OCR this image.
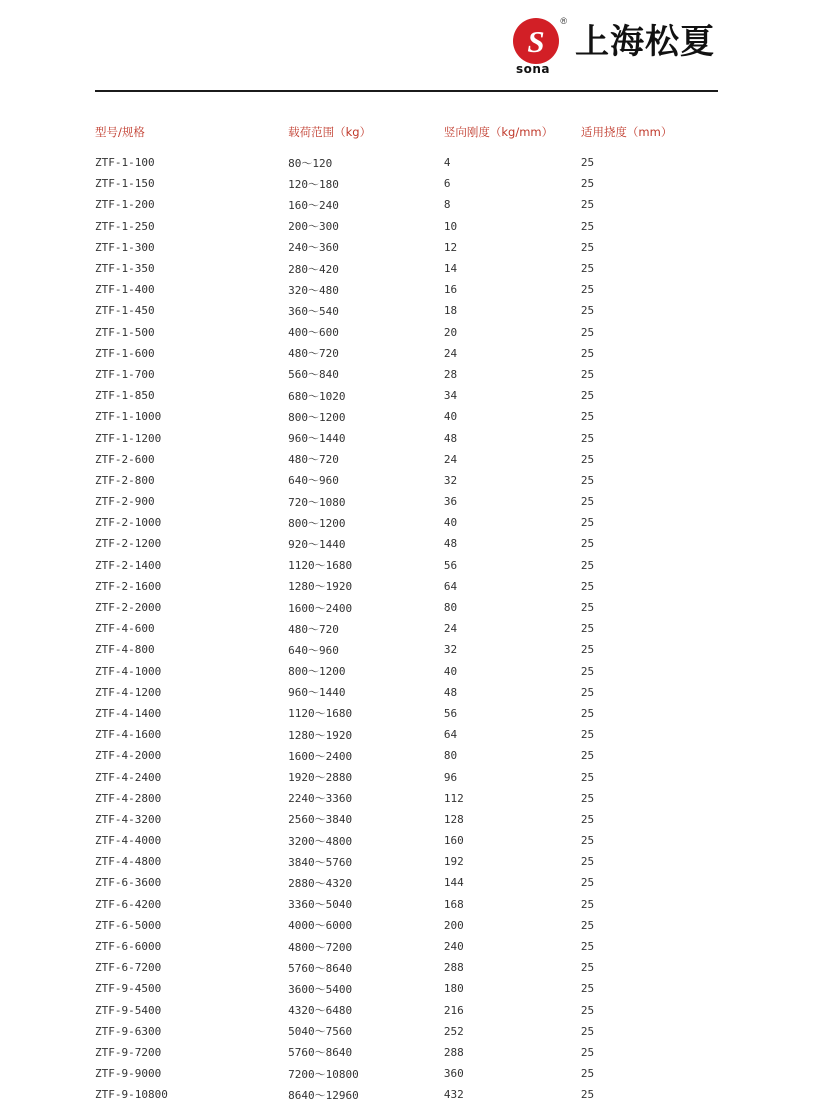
S
®
sona
上海松夏
型号/规格	载荷范围（kg）	竖向刚度（kg/mm）	适用挠度（mm）
ZTF-1-100	80～120	4	25
ZTF-1-150	120～180	6	25
ZTF-1-200	160～240	8	25
ZTF-1-250	200～300	10	25
ZTF-1-300	240～360	12	25
ZTF-1-350	280～420	14	25
ZTF-1-400	320～480	16	25
ZTF-1-450	360～540	18	25
ZTF-1-500	400～600	20	25
ZTF-1-600	480～720	24	25
ZTF-1-700	560～840	28	25
ZTF-1-850	680～1020	34	25
ZTF-1-1000	800～1200	40	25
ZTF-1-1200	960～1440	48	25
ZTF-2-600	480～720	24	25
ZTF-2-800	640～960	32	25
ZTF-2-900	720～1080	36	25
ZTF-2-1000	800～1200	40	25
ZTF-2-1200	920～1440	48	25
ZTF-2-1400	1120～1680	56	25
ZTF-2-1600	1280～1920	64	25
ZTF-2-2000	1600～2400	80	25
ZTF-4-600	480～720	24	25
ZTF-4-800	640～960	32	25
ZTF-4-1000	800～1200	40	25
ZTF-4-1200	960～1440	48	25
ZTF-4-1400	1120～1680	56	25
ZTF-4-1600	1280～1920	64	25
ZTF-4-2000	1600～2400	80	25
ZTF-4-2400	1920～2880	96	25
ZTF-4-2800	2240～3360	112	25
ZTF-4-3200	2560～3840	128	25
ZTF-4-4000	3200～4800	160	25
ZTF-4-4800	3840～5760	192	25
ZTF-6-3600	2880～4320	144	25
ZTF-6-4200	3360～5040	168	25
ZTF-6-5000	4000～6000	200	25
ZTF-6-6000	4800～7200	240	25
ZTF-6-7200	5760～8640	288	25
ZTF-9-4500	3600～5400	180	25
ZTF-9-5400	4320～6480	216	25
ZTF-9-6300	5040～7560	252	25
ZTF-9-7200	5760～8640	288	25
ZTF-9-9000	7200～10800	360	25
ZTF-9-10800	8640～12960	432	25
